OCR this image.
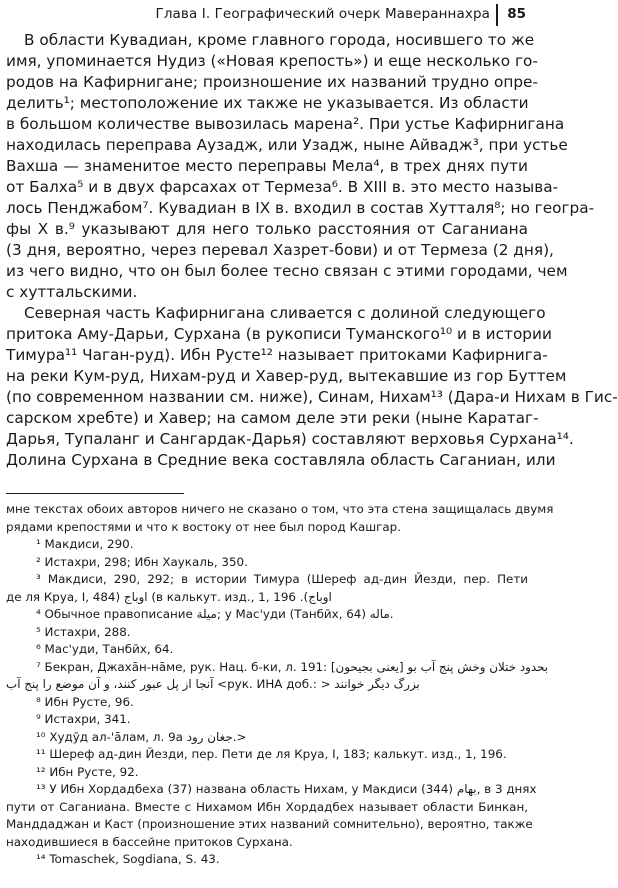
Глава I. Географический очерк Мавераннахра 85
В области Кувадиан, кроме главного города, носившего то же
имя, упоминается Нудиз («Новая крепость») и еще несколько го-
родов на Кафирнигане; произношение их названий трудно опре-
делить¹; местоположение их также не указывается. Из области
в большом количестве вывозилась марена². При устье Кафирнигана
находилась переправа Аузадж, или Узадж, ныне Айвадж³, при устье
Вахша — знаменитое место переправы Мела⁴, в трех днях пути
от Балха⁵ и в двух фарсахах от Термеза⁶. В XIII в. это место называ-
лось Пенджабом⁷. Кувадиан в IX в. входил в состав Хутталя⁸; но геогра-
фы X в.⁹ указывают для него только расстояния от Саганиана
(3 дня, вероятно, через перевал Хазрет-бови) и от Термеза (2 дня),
из чего видно, что он был более тесно связан с этими городами, чем
с хуттальскими.
Северная часть Кафирнигана сливается с долиной следующего
притока Аму-Дарьи, Сурхана (в рукописи Туманского¹⁰ и в истории
Тимура¹¹ Чаган-руд). Ибн Русте¹² называет притоками Кафирнига-
на реки Кум-руд, Нихам-руд и Хавер-руд, вытекавшие из гор Буттем
(по современном названии см. ниже), Синам, Нихам¹³ (Дара-и Нихам в Гис-
сарском хребте) и Хавер; на самом деле эти реки (ныне Каратаг-
Дарья, Тупаланг и Сангардак-Дарья) составляют верховья Сурхана¹⁴.
Долина Сурхана в Средние века составляла область Саганиан, или
мне текстах обоих авторов ничего не сказано о том, что эта стена защищалась двумя
рядами крепостями и что к востоку от нее был пород Кашгар.
¹ Макдиси, 290.
² Истахри, 298; Ибн Хаукаль, 350.
³ Макдиси, 290, 292; в истории Тимура (Шереф ад-дин Йезди, пер. Пети
де ля Круа, I, 484) اوباج (в калькут. изд., 1, 196 .(اوباج
⁴ Обычное правописание میلة; у Мас'уди (Танбӣх, 64) ماله.
⁵ Истахри, 288.
⁶ Мас'уди, Танбӣх, 64.
⁷ Бекран, Джахāн-нāме, рук. Нац. б-ки, л. 191: بحدود ختلان وخش پنج آب بو [يعنى بجيحون]
آنجا از پل عبور کنند، و آن موضع را پنج آب <рук. ИНА доб.: > بزرگ دیگر خوانند
⁸ Ибн Русте, 96.
⁹ Истахри, 341.
¹⁰ Худӯд ал-'āлам, л. 9а جغان رود.>
¹¹ Шереф ад-дин Йезди, пер. Пети де ля Круа, I, 183; калькут. изд., 1, 196.
¹² Ибн Русте, 92.
¹³ У Ибн Хордадбеха (37) названа область Нихам, у Макдиси (344) بهام, в 3 днях
пути от Саганиана. Вместе с Нихамом Ибн Хордадбех называет области Бинкан,
Манддаджан и Каст (произношение этих названий сомнительно), вероятно, также
находившиеся в бассейне притоков Сурхана.
¹⁴ Tomaschek, Sogdiana, S. 43.
